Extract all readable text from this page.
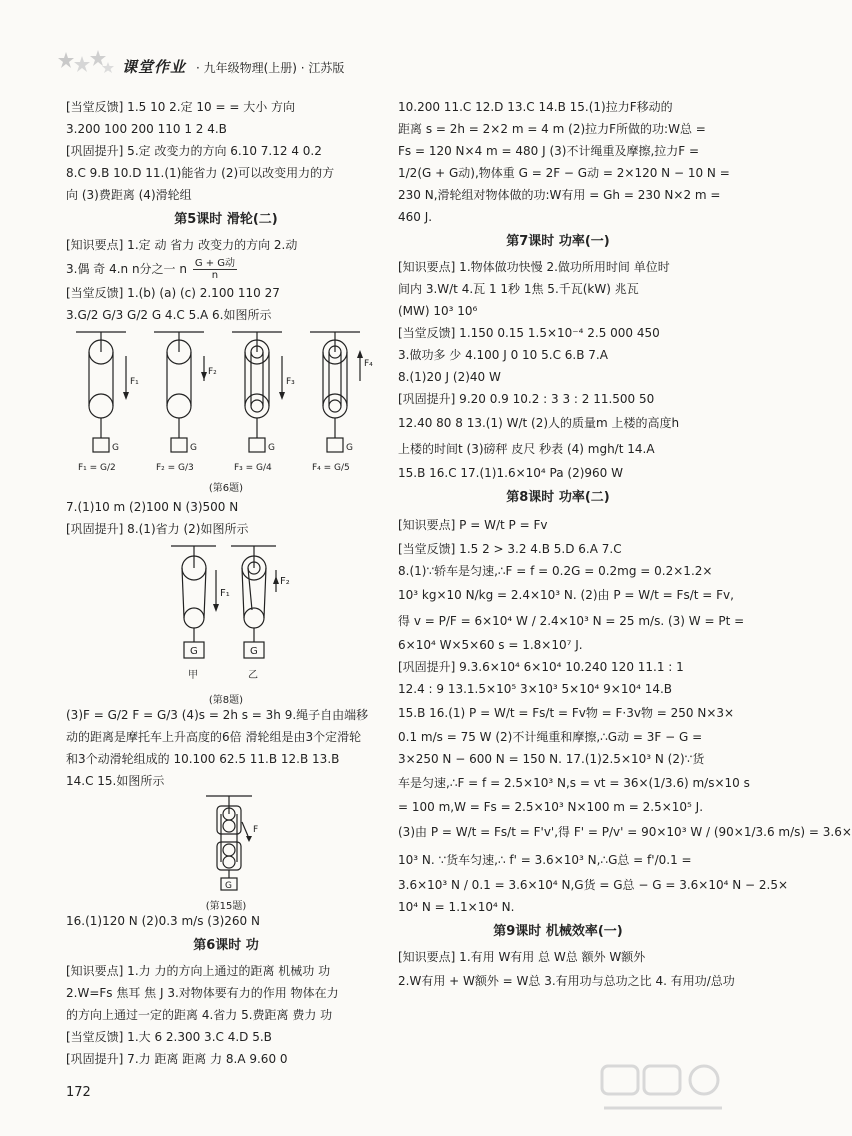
课堂作业 · 九年级物理(上册) · 江苏版
[当堂反馈] 1.5 10 2.定 10 = = 大小 方向
3.200 100 200 110 1 2 4.B
[巩固提升] 5.定 改变力的方向 6.10 7.12 4 0.2
8.C 9.B 10.D 11.(1)能省力 (2)可以改变用力的方
向 (3)费距离 (4)滑轮组
第5课时 滑轮(二)
[知识要点] 1.定 动 省力 改变力的方向 2.动
3.偶 奇 4.n n分之一 n $\frac{\text{G + G动}}{n}$
[当堂反馈] 1.(b) (a) (c) 2.100 110 27
3.G/2 G/3 G/2 G 4.C 5.A 6.如图所示
F₁
F₂
F₃
F₄
G	G	G	G
F₁ = G/2	F₂ = G/3	F₃ = G/4	F₄ = G/5
(第6题)
7.(1)10 m (2)100 N (3)500 N
[巩固提升] 8.(1)省力 (2)如图所示
F₁
F₂
G	G
甲	乙
(第8题)
(3)F = G/2 F = G/3 (4)s = 2h s = 3h 9.绳子自由端移
动的距离是摩托车上升高度的6倍 滑轮组是由3个定滑轮
和3个动滑轮组成的 10.100 62.5 11.B 12.B 13.B
14.C 15.如图所示
F
G
(第15题)
16.(1)120 N (2)0.3 m/s (3)260 N
第6课时 功
[知识要点] 1.力 力的方向上通过的距离 机械功 功
2.W=Fs 焦耳 焦 J 3.对物体要有力的作用 物体在力
的方向上通过一定的距离 4.省力 5.费距离 费力 功
[当堂反馈] 1.大 6 2.300 3.C 4.D 5.B
[巩固提升] 7.力 距离 距离 力 8.A 9.60 0
10.200 11.C 12.D 13.C 14.B 15.(1)拉力F移动的
距离 s = 2h = 2×2 m = 4 m (2)拉力F所做的功:W总 =
Fs = 120 N×4 m = 480 J (3)不计绳重及摩擦,拉力F =
1/2(G + G动),物体重 G = 2F − G动 = 2×120 N − 10 N =
230 N,滑轮组对物体做的功:W有用 = Gh = 230 N×2 m =
460 J.
第7课时 功率(一)
[知识要点] 1.物体做功快慢 2.做功所用时间 单位时
间内 3.W/t 4.瓦 1 1秒 1焦 5.千瓦(kW) 兆瓦
(MW) 10³ 10⁶
[当堂反馈] 1.150 0.15 1.5×10⁻⁴ 2.5 000 450
3.做功多 少 4.100 J 0 10 5.C 6.B 7.A
8.(1)20 J (2)40 W
[巩固提升] 9.20 0.9 10.2 : 3 3 : 2 11.500 50
12.40 80 8 13.(1) W/t (2)人的质量m 上楼的高度h
上楼的时间t (3)磅秤 皮尺 秒表 (4) mgh/t 14.A
15.B 16.C 17.(1)1.6×10⁴ Pa (2)960 W
第8课时 功率(二)
[知识要点] P = W/t P = Fv
[当堂反馈] 1.5 2 > 3.2 4.B 5.D 6.A 7.C
8.(1)∵轿车是匀速,∴F = f = 0.2G = 0.2mg = 0.2×1.2×
10³ kg×10 N/kg = 2.4×10³ N. (2)由 P = W/t = Fs/t = Fv,
得 v = P/F = 6×10⁴ W / 2.4×10³ N = 25 m/s. (3) W = Pt =
6×10⁴ W×5×60 s = 1.8×10⁷ J.
[巩固提升] 9.3.6×10⁴ 6×10⁴ 10.240 120 11.1 : 1
12.4 : 9 13.1.5×10⁵ 3×10³ 5×10⁴ 9×10⁴ 14.B
15.B 16.(1) P = W/t = Fs/t = Fv物 = F·3v物 = 250 N×3×
0.1 m/s = 75 W (2)不计绳重和摩擦,∴G动 = 3F − G =
3×250 N − 600 N = 150 N. 17.(1)2.5×10³ N (2)∵货
车是匀速,∴F = f = 2.5×10³ N,s = vt = 36×(1/3.6) m/s×10 s
= 100 m,W = Fs = 2.5×10³ N×100 m = 2.5×10⁵ J.
(3)由 P = W/t = Fs/t = F'v',得 F' = P/v' = 90×10³ W / (90×1/3.6 m/s) = 3.6×
10³ N. ∵货车匀速,∴ f' = 3.6×10³ N,∴G总 = f'/0.1 =
3.6×10³ N / 0.1 = 3.6×10⁴ N,G货 = G总 − G = 3.6×10⁴ N − 2.5×
10⁴ N = 1.1×10⁴ N.
第9课时 机械效率(一)
[知识要点] 1.有用 W有用 总 W总 额外 W额外
2.W有用 + W额外 = W总 3.有用功与总功之比 4. 有用功/总功
172
